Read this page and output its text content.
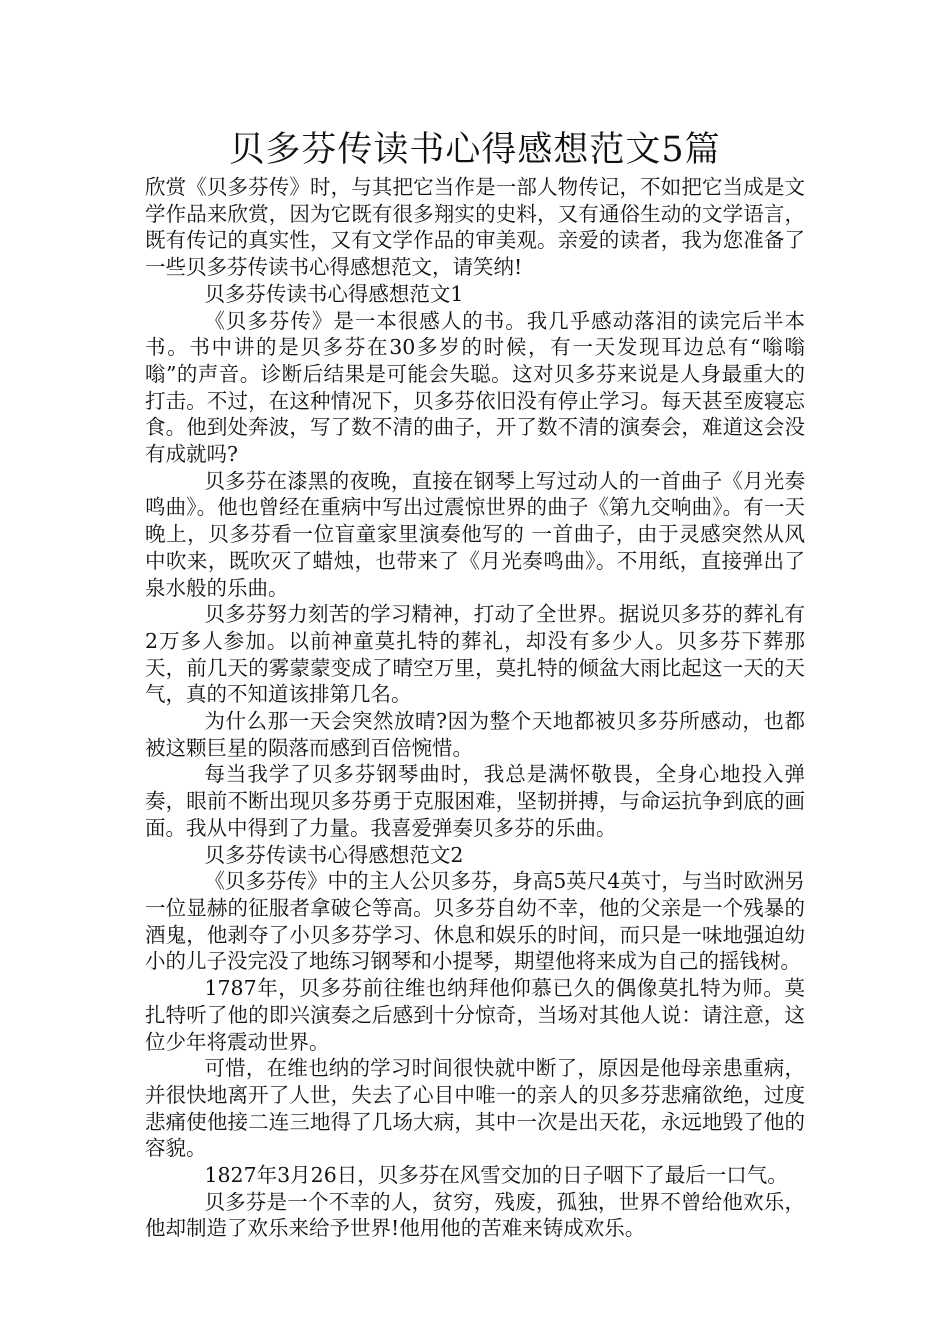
贝多芬传读书心得感想范文5篇

欣赏《贝多芬传》时，与其把它当作是一部人物传记，不如把它当成是文学作品来欣赏，因为它既有很多翔实的史料，又有通俗生动的文学语言，既有传记的真实性，又有文学作品的审美观。亲爱的读者，我为您准备了一些贝多芬传读书心得感想范文，请笑纳!

贝多芬传读书心得感想范文1

《贝多芬传》是一本很感人的书。我几乎感动落泪的读完后半本书。书中讲的是贝多芬在30多岁的时候，有一天发现耳边总有“嗡嗡嗡”的声音。诊断后结果是可能会失聪。这对贝多芬来说是人身最重大的打击。不过，在这种情况下，贝多芬依旧没有停止学习。每天甚至废寝忘食。他到处奔波，写了数不清的曲子，开了数不清的演奏会，难道这会没有成就吗?

贝多芬在漆黑的夜晚，直接在钢琴上写过动人的一首曲子《月光奏鸣曲》。他也曾经在重病中写出过震惊世界的曲子《第九交响曲》。有一天晚上，贝多芬看一位盲童家里演奏他写的 一首曲子，由于灵感突然从风中吹来，既吹灭了蜡烛，也带来了《月光奏鸣曲》。不用纸，直接弹出了泉水般的乐曲。

贝多芬努力刻苦的学习精神，打动了全世界。据说贝多芬的葬礼有2万多人参加。以前神童莫扎特的葬礼，却没有多少人。贝多芬下葬那天，前几天的雾蒙蒙变成了晴空万里，莫扎特的倾盆大雨比起这一天的天气，真的不知道该排第几名。

为什么那一天会突然放晴?因为整个天地都被贝多芬所感动，也都被这颗巨星的陨落而感到百倍惋惜。

每当我学了贝多芬钢琴曲时，我总是满怀敬畏，全身心地投入弹奏，眼前不断出现贝多芬勇于克服困难，坚韧拼搏，与命运抗争到底的画面。我从中得到了力量。我喜爱弹奏贝多芬的乐曲。

贝多芬传读书心得感想范文2

《贝多芬传》中的主人公贝多芬，身高5英尺4英寸，与当时欧洲另一位显赫的征服者拿破仑等高。贝多芬自幼不幸，他的父亲是一个残暴的酒鬼，他剥夺了小贝多芬学习、休息和娱乐的时间，而只是一味地强迫幼小的儿子没完没了地练习钢琴和小提琴，期望他将来成为自己的摇钱树。

1787年，贝多芬前往维也纳拜他仰慕已久的偶像莫扎特为师。莫扎特听了他的即兴演奏之后感到十分惊奇，当场对其他人说：请注意，这位少年将震动世界。

可惜，在维也纳的学习时间很快就中断了，原因是他母亲患重病，并很快地离开了人世，失去了心目中唯一的亲人的贝多芬悲痛欲绝，过度悲痛使他接二连三地得了几场大病，其中一次是出天花，永远地毁了他的容貌。

1827年3月26日，贝多芬在风雪交加的日子咽下了最后一口气。

贝多芬是一个不幸的人，贫穷，残废，孤独，世界不曾给他欢乐，他却制造了欢乐来给予世界!他用他的苦难来铸成欢乐。
